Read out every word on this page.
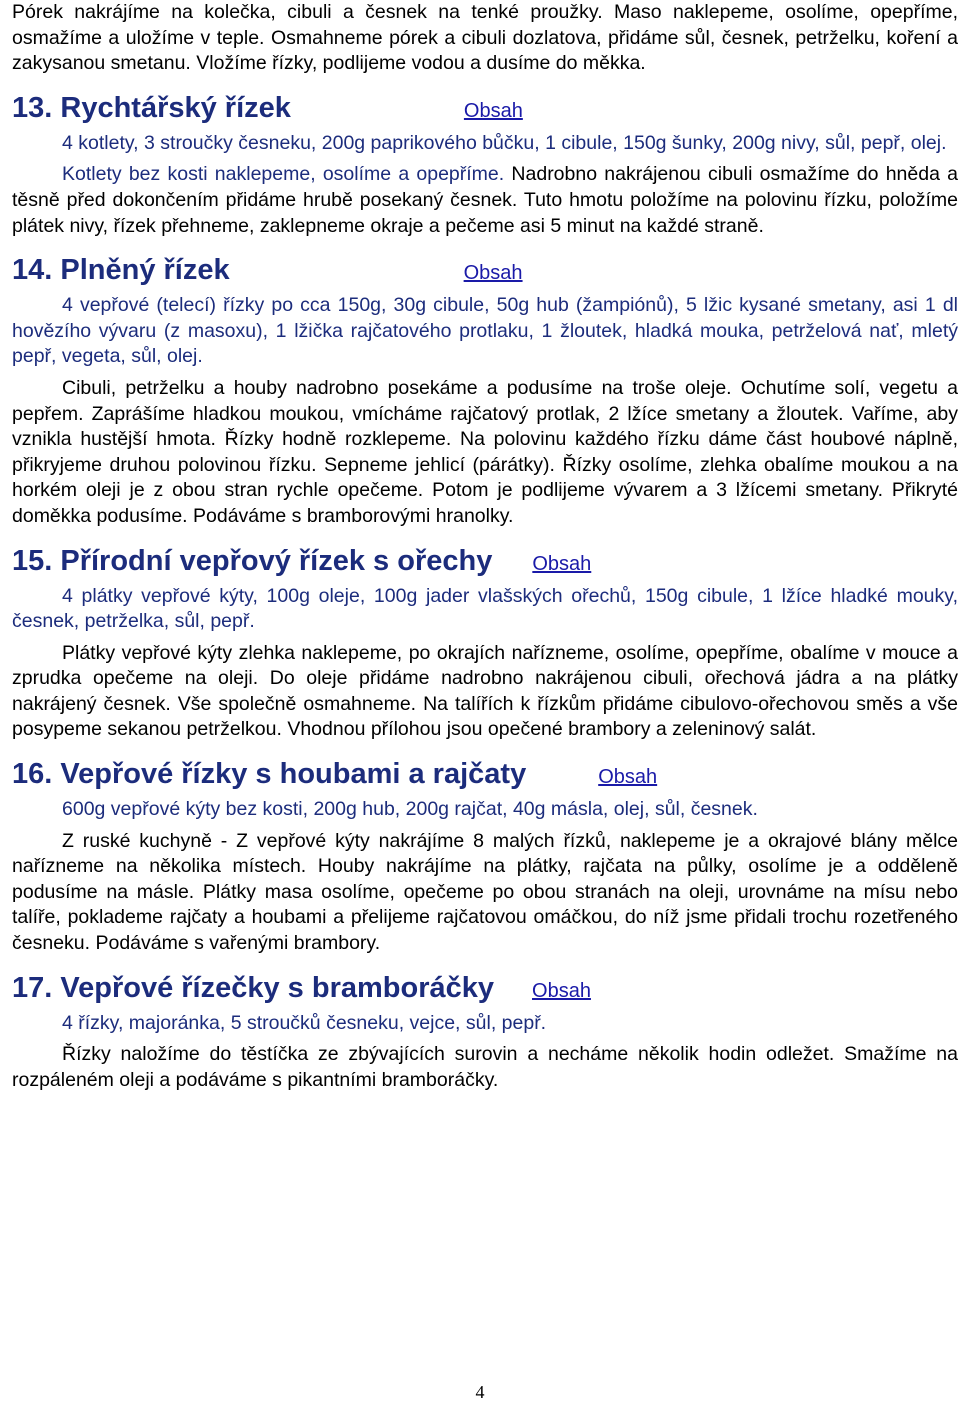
Pórek nakrájíme na kolečka, cibuli a česnek na tenké proužky. Maso naklepeme, osolíme, opepříme, osmažíme a uložíme v teple. Osmahneme pórek a cibuli dozlatova, přidáme sůl, česnek, petrželku, koření a zakysanou smetanu. Vložíme řízky, podlijeme vodou a dusíme do měkka.

13. Rychtářský řízek	Obsah

4 kotlety, 3 stroučky česneku, 200g paprikového bůčku, 1 cibule, 150g šunky, 200g nivy, sůl, pepř, olej.

Kotlety bez kosti naklepeme, osolíme a opepříme. Nadrobno nakrájenou cibuli osmažíme do hněda a těsně před dokončením přidáme hrubě posekaný česnek. Tuto hmotu položíme na polovinu řízku, položíme plátek nivy, řízek přehneme, zaklepneme okraje a pečeme asi 5 minut na každé straně.

14. Plněný řízek	Obsah

4 vepřové (telecí) řízky po cca 150g, 30g cibule, 50g hub (žampiónů), 5 lžic kysané smetany, asi 1 dl hovězího vývaru (z masoxu), 1 lžička rajčatového protlaku, 1 žloutek, hladká mouka, petrželová nať, mletý pepř, vegeta, sůl, olej.

Cibuli, petrželku a houby nadrobno posekáme a podusíme na troše oleje. Ochutíme solí, vegetu a pepřem. Zaprášíme hladkou moukou, vmícháme rajčatový protlak, 2 lžíce smetany a žloutek. Vaříme, aby vznikla hustější hmota. Řízky hodně rozklepeme. Na polovinu každého řízku dáme část houbové náplně, přikryjeme druhou polovinou řízku. Sepneme jehlicí (párátky). Řízky osolíme, zlehka obalíme moukou a na horkém oleji je z obou stran rychle opečeme. Potom je podlijeme vývarem a 3 lžícemi smetany. Přikryté doměkka podusíme. Podáváme s bramborovými hranolky.

15. Přírodní vepřový řízek s ořechy Obsah

4 plátky vepřové kýty, 100g oleje, 100g jader vlašských ořechů, 150g cibule, 1 lžíce hladké mouky, česnek, petrželka, sůl, pepř.

Plátky vepřové kýty zlehka naklepeme, po okrajích nařízneme, osolíme, opepříme, obalíme v mouce a zprudka opečeme na oleji. Do oleje přidáme nadrobno nakrájenou cibuli, ořechová jádra a na plátky nakrájený česnek. Vše společně osmahneme. Na talířích k řízkům přidáme cibulovo-ořechovou směs a vše posypeme sekanou petrželkou. Vhodnou přílohou jsou opečené brambory a zeleninový salát.

16. Vepřové řízky s houbami a rajčaty	Obsah

600g vepřové kýty bez kosti, 200g hub, 200g rajčat, 40g másla, olej, sůl, česnek.

Z ruské kuchyně - Z vepřové kýty nakrájíme 8 malých řízků, naklepeme je a okrajové blány mělce nařízneme na několika místech. Houby nakrájíme na plátky, rajčata na půlky, osolíme je a odděleně podusíme na másle. Plátky masa osolíme, opečeme po obou stranách na oleji, urovnáme na mísu nebo talíře, poklademe rajčaty a houbami a přelijeme rajčatovou omáčkou, do níž jsme přidali trochu rozetřeného česneku. Podáváme s vařenými brambory.

17. Vepřové řízečky s bramboráčky Obsah

4 řízky, majoránka, 5 stroučků česneku, vejce, sůl, pepř.

Řízky naložíme do těstíčka ze zbývajících surovin a necháme několik hodin odležet. Smažíme na rozpáleném oleji a podáváme s pikantními bramboráčky.

4
